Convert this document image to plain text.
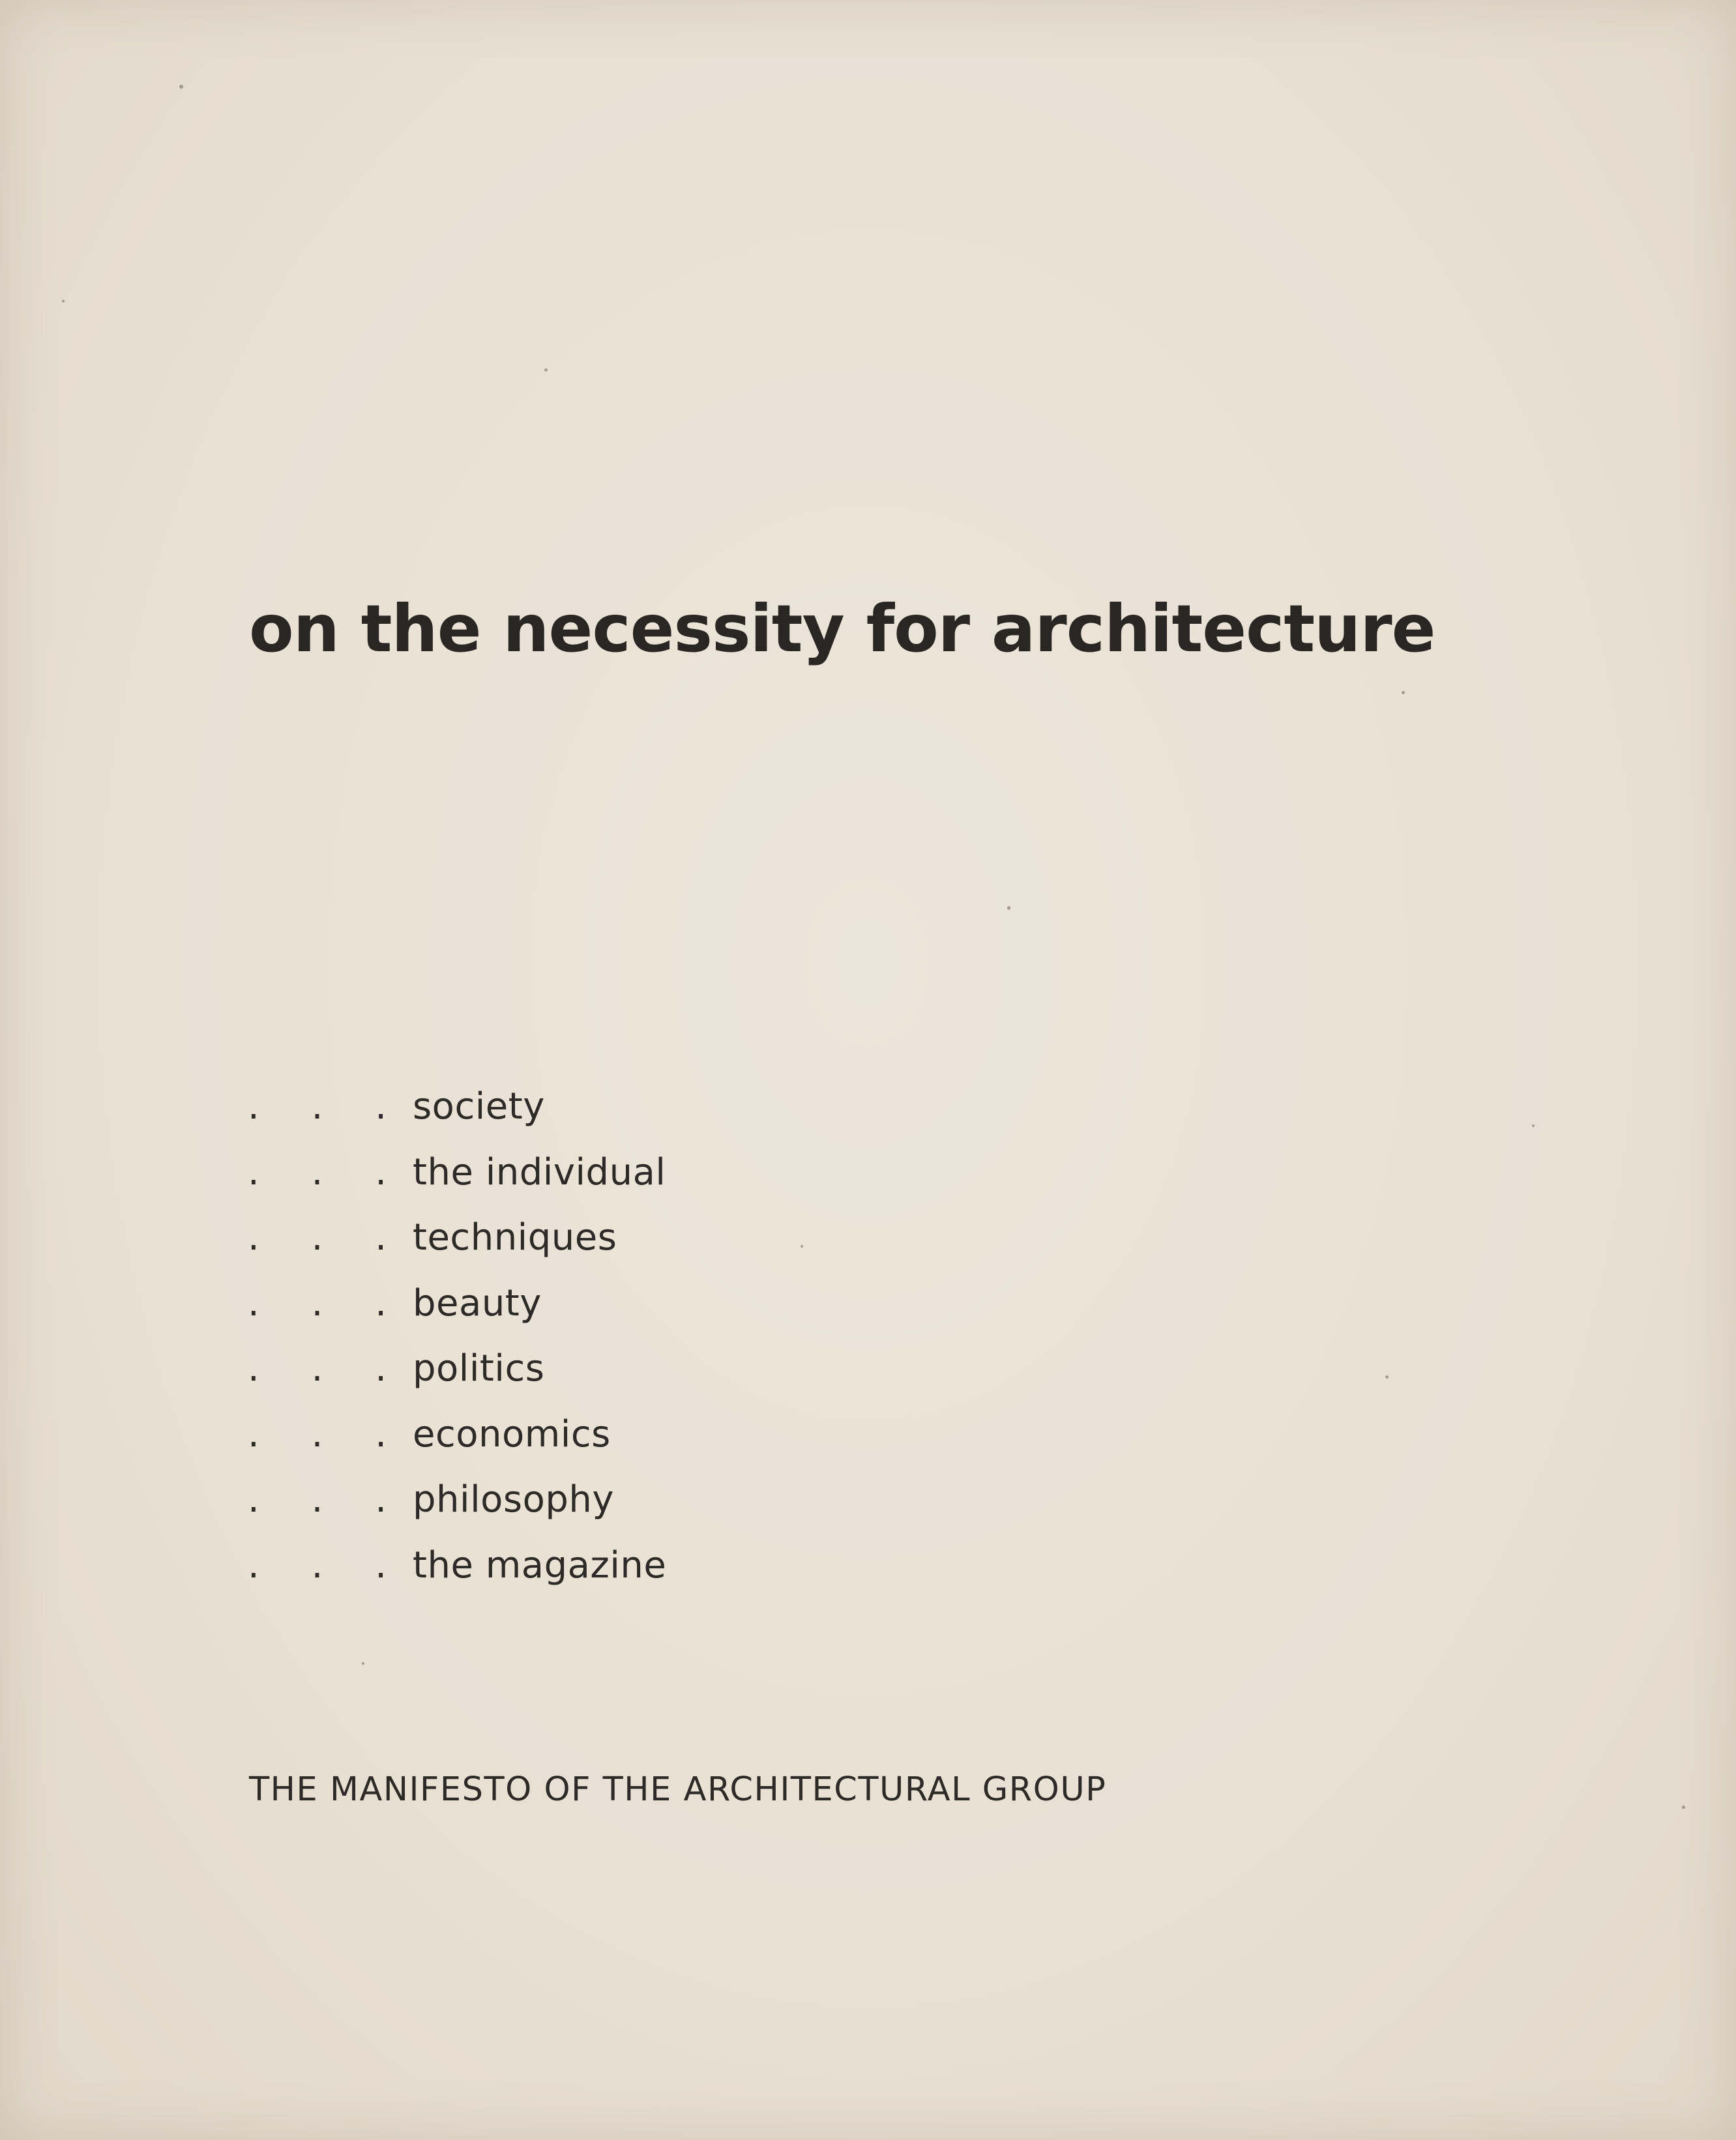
on the necessity for architecture
. . . society
. . . the individual
. . . techniques
. . . beauty
. . . politics
. . . economics
. . . philosophy
. . . the magazine

THE MANIFESTO OF THE ARCHITECTURAL GROUP
